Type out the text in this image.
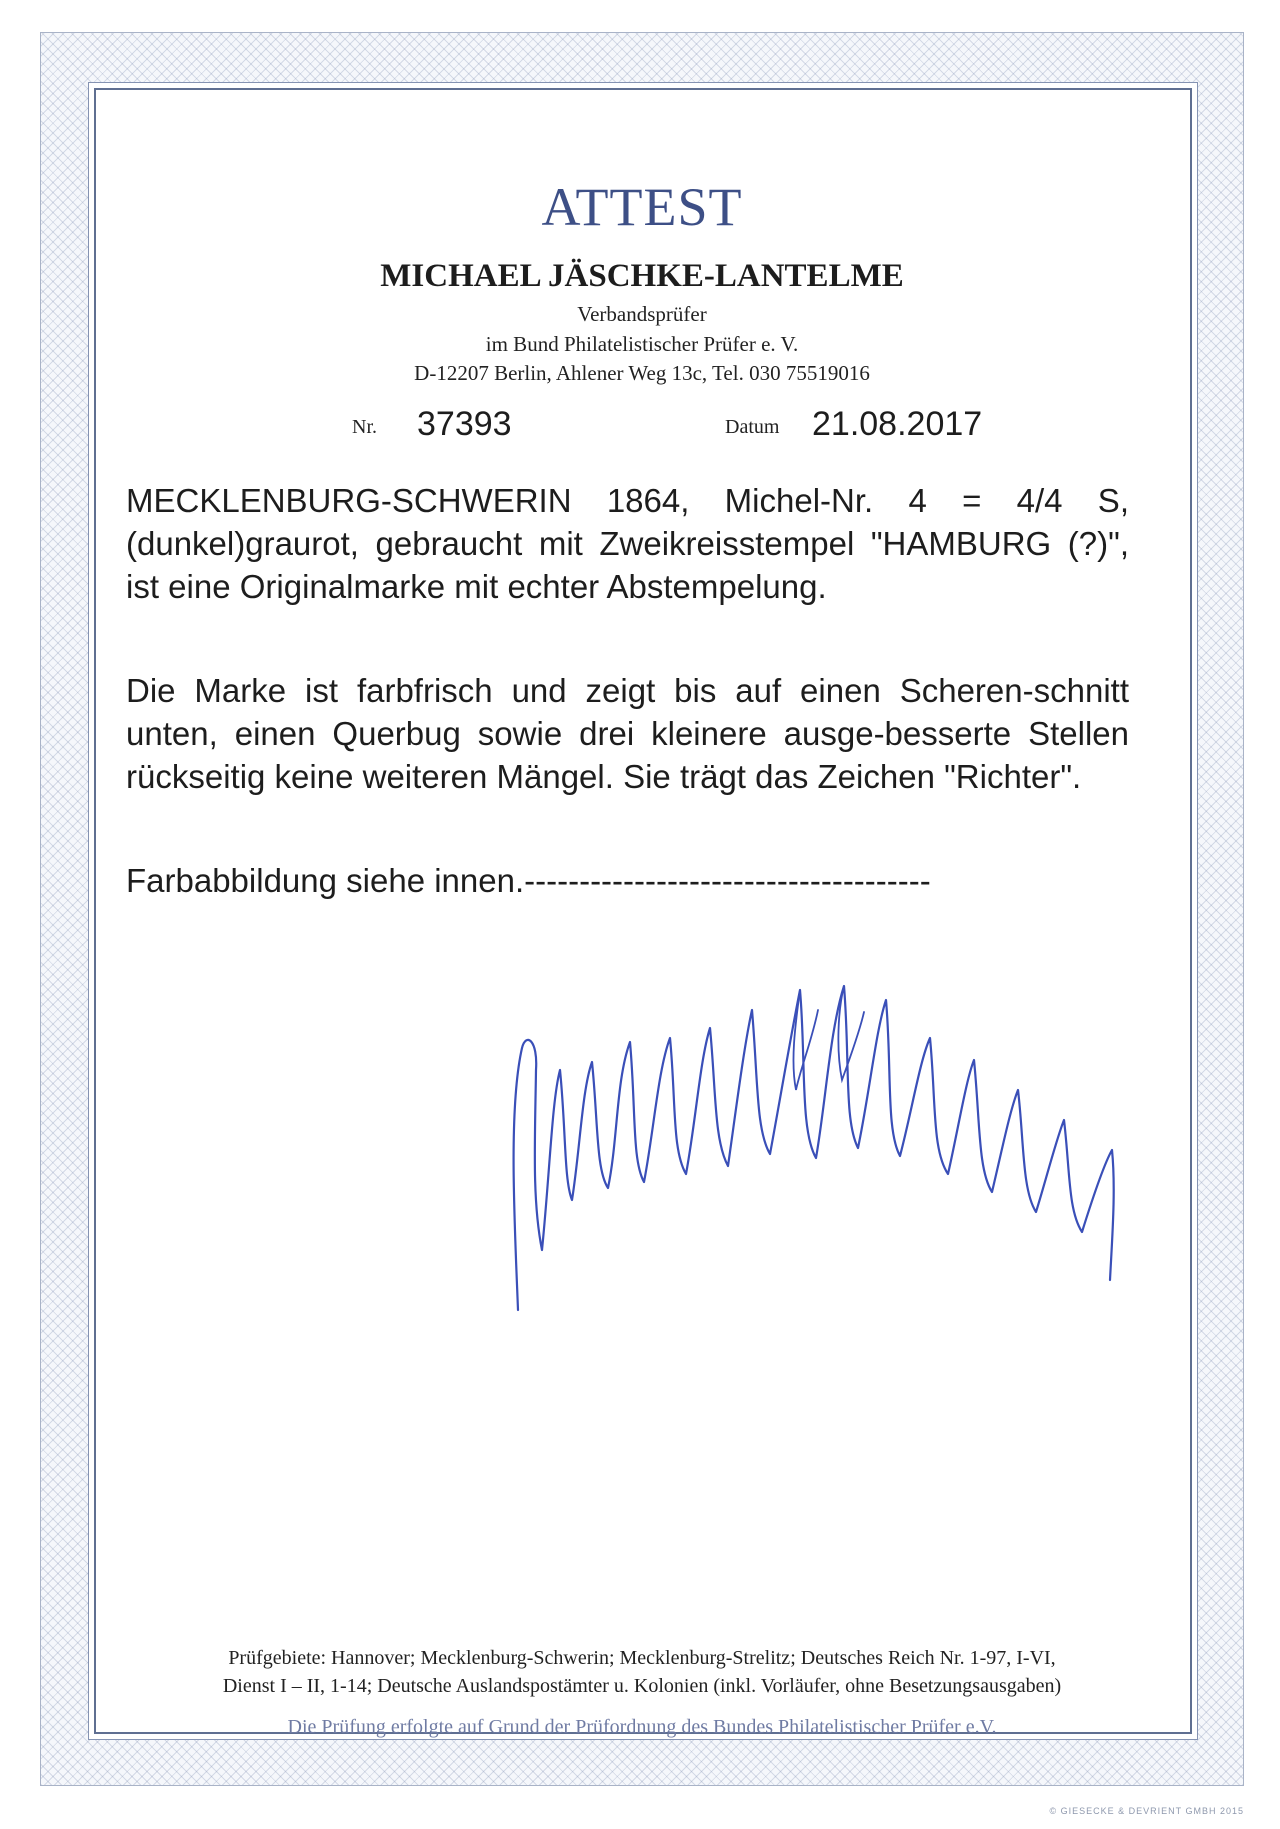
ATTEST
MICHAEL JÄSCHKE-LANTELME
Verbandsprüfer
im Bund Philatelistischer Prüfer e. V.
D-12207 Berlin, Ahlener Weg 13c, Tel. 030 75519016
Nr. 37393	Datum 21.08.2017

MECKLENBURG-SCHWERIN 1864, Michel-Nr. 4 = 4/4 S, (dunkel)graurot, gebraucht mit Zweikreisstempel "HAMBURG (?)", ist eine Originalmarke mit echter Abstempelung.

Die Marke ist farbfrisch und zeigt bis auf einen Scheren-schnitt unten, einen Querbug sowie drei kleinere ausge-besserte Stellen rückseitig keine weiteren Mängel. Sie trägt das Zeichen "Richter".

Farbabbildung siehe innen.-------------------------------------

Prüfgebiete: Hannover; Mecklenburg-Schwerin; Mecklenburg-Strelitz; Deutsches Reich Nr. 1-97, I-VI,
Dienst I – II, 1-14; Deutsche Auslandspostämter u. Kolonien (inkl. Vorläufer, ohne Besetzungsausgaben)
Die Prüfung erfolgte auf Grund der Prüfordnung des Bundes Philatelistischer Prüfer e.V.
© GIESECKE & DEVRIENT GMBH 2015
